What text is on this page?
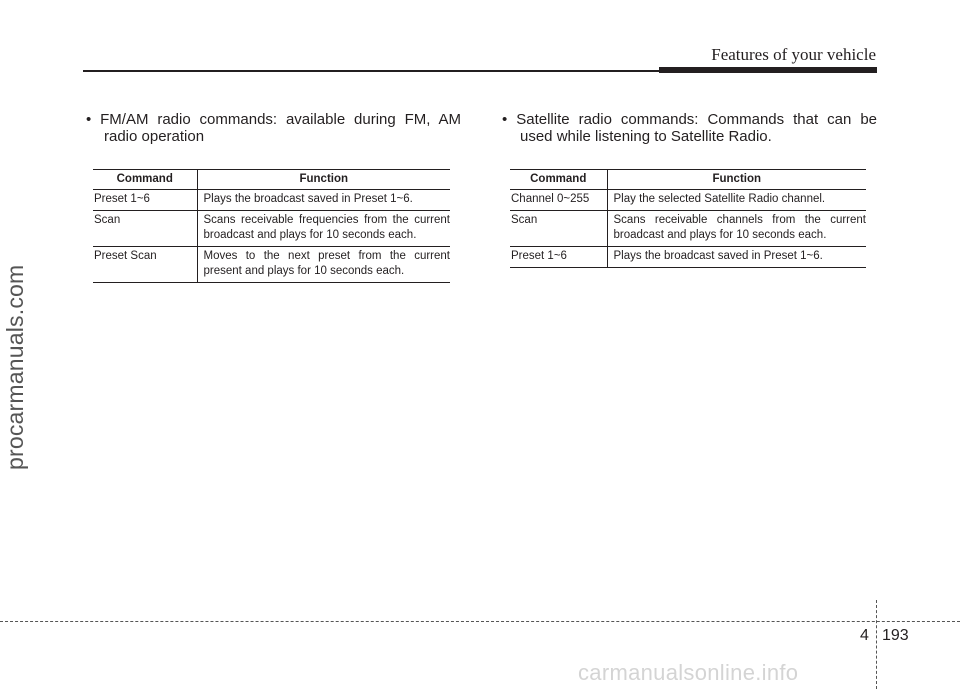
Features of your vehicle
procarmanuals.com
• FM/AM radio commands: available during FM, AM
radio operation
Command	Function
Preset 1~6	Plays the broadcast saved in Preset 1~6.
Scan	Scans receivable frequencies from the current broadcast and plays for 10 seconds each.
Preset Scan	Moves to the next preset from the current present and plays for 10 seconds each.
• Satellite radio commands: Commands that can be
used while listening to Satellite Radio.
Command	Function
Channel 0~255	Play the selected Satellite Radio channel.
Scan	Scans receivable channels from the current broadcast and plays for 10 seconds each.
Preset 1~6	Plays the broadcast saved in Preset 1~6.
4 193
carmanualsonline.info
